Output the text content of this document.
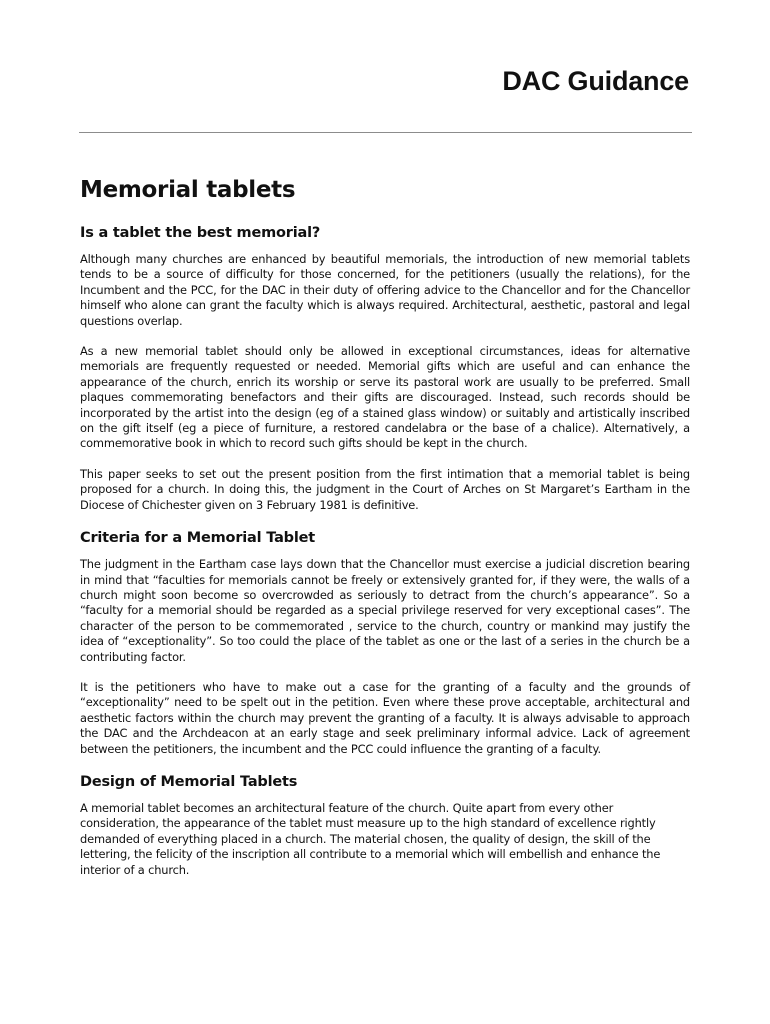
DAC Guidance
Memorial tablets
Is a tablet the best memorial?

Although many churches are enhanced by beautiful memorials, the introduction of new memorial tablets tends to be a source of difficulty for those concerned, for the petitioners (usually the relations), for the Incumbent and the PCC, for the DAC in their duty of offering advice to the Chancellor and for the Chancellor himself who alone can grant the faculty which is always required. Architectural, aesthetic, pastoral and legal questions overlap.

As a new memorial tablet should only be allowed in exceptional circumstances, ideas for alternative memorials are frequently requested or needed. Memorial gifts which are useful and can enhance the appearance of the church, enrich its worship or serve its pastoral work are usually to be preferred. Small plaques commemorating benefactors and their gifts are discouraged. Instead, such records should be incorporated by the artist into the design (eg of a stained glass window) or suitably and artistically inscribed on the gift itself (eg a piece of furniture, a restored candelabra or the base of a chalice). Alternatively, a commemorative book in which to record such gifts should be kept in the church.

This paper seeks to set out the present position from the first intimation that a memorial tablet is being proposed for a church. In doing this, the judgment in the Court of Arches on St Margaret’s Eartham in the Diocese of Chichester given on 3 February 1981 is definitive.

Criteria for a Memorial Tablet

The judgment in the Eartham case lays down that the Chancellor must exercise a judicial discretion bearing in mind that “faculties for memorials cannot be freely or extensively granted for, if they were, the walls of a church might soon become so overcrowded as seriously to detract from the church’s appearance”. So a “faculty for a memorial should be regarded as a special privilege reserved for very exceptional cases”. The character of the person to be commemorated , service to the church, country or mankind may justify the idea of “exceptionality”. So too could the place of the tablet as one or the last of a series in the church be a contributing factor.

It is the petitioners who have to make out a case for the granting of a faculty and the grounds of “exceptionality” need to be spelt out in the petition. Even where these prove acceptable, architectural and aesthetic factors within the church may prevent the granting of a faculty. It is always advisable to approach the DAC and the Archdeacon at an early stage and seek preliminary informal advice. Lack of agreement between the petitioners, the incumbent and the PCC could influence the granting of a faculty.

Design of Memorial Tablets

A memorial tablet becomes an architectural feature of the church. Quite apart from every other consideration, the appearance of the tablet must measure up to the high standard of excellence rightly demanded of everything placed in a church. The material chosen, the quality of design, the skill of the lettering, the felicity of the inscription all contribute to a memorial which will embellish and enhance the interior of a church.
